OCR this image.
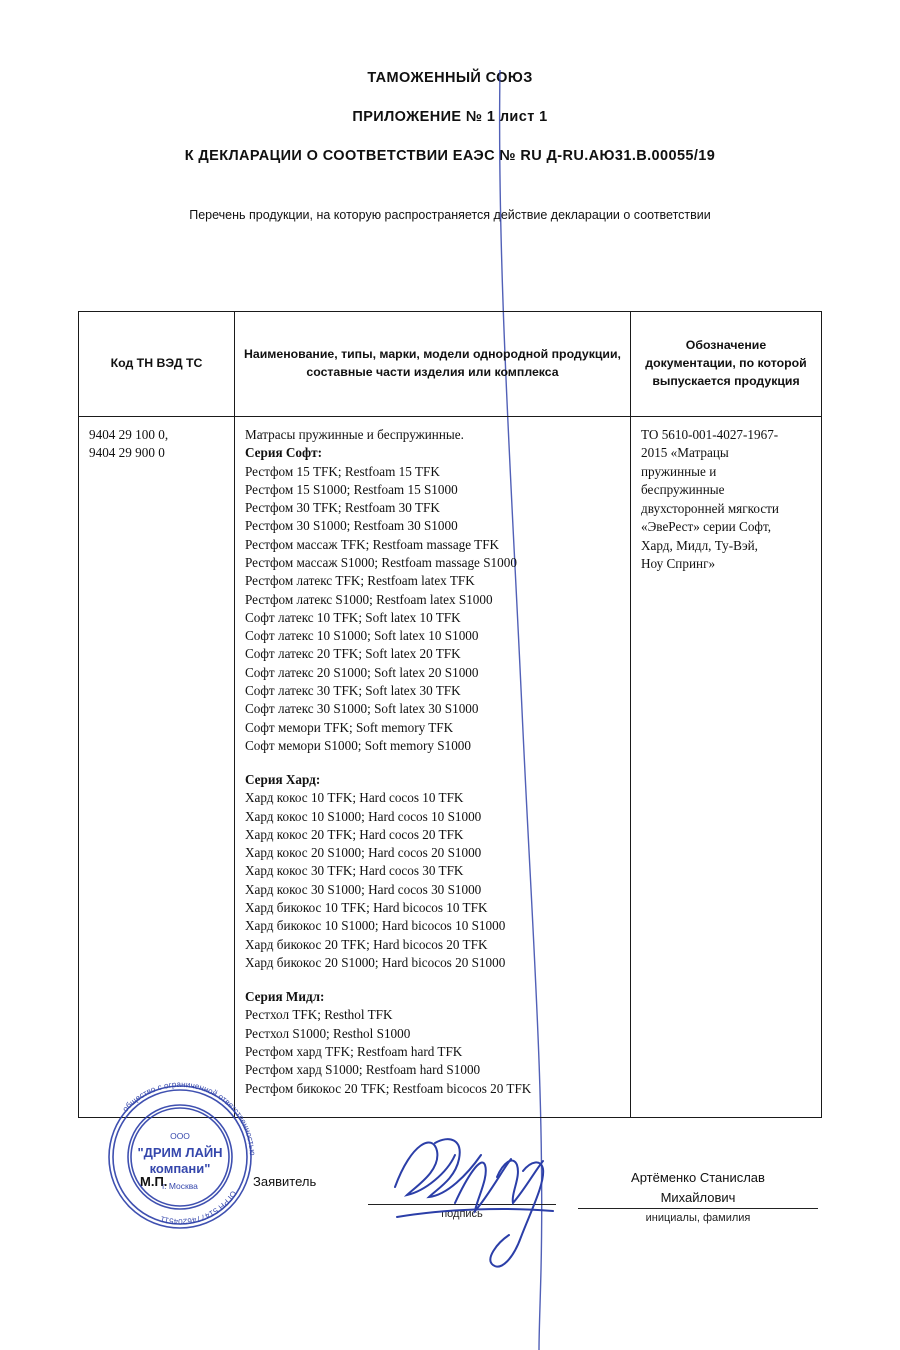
ТАМОЖЕННЫЙ СОЮЗ
ПРИЛОЖЕНИЕ № 1 лист 1
К ДЕКЛАРАЦИИ О СООТВЕТСТВИИ ЕАЭС № RU Д-RU.АЮ31.В.00055/19
Перечень продукции, на которую распространяется действие декларации о соответствии
Код ТН ВЭД ТС
Наименование, типы, марки, модели однородной продукции, составные части изделия или комплекса
Обозначение документации, по которой выпускается продукция
9404 29 100 0,
9404 29 900 0
Матрасы пружинные и беспружинные.
Серия Софт:
Рестфом 15 TFK; Restfoam 15 TFK
Рестфом 15 S1000; Restfoam 15 S1000
Рестфом 30 TFK; Restfoam 30 TFK
Рестфом 30 S1000; Restfoam 30 S1000
Рестфом массаж TFK; Restfoam massage TFK
Рестфом массаж S1000; Restfoam massage S1000
Рестфом латекс TFK; Restfoam latex TFK
Рестфом латекс S1000; Restfoam latex S1000
Софт латекс 10 TFK; Soft latex 10 TFK
Софт латекс 10 S1000; Soft latex 10 S1000
Софт латекс 20 TFK; Soft latex 20 TFK
Софт латекс 20 S1000; Soft latex 20 S1000
Софт латекс 30 TFK; Soft latex 30 TFK
Софт латекс 30 S1000; Soft latex 30 S1000
Софт мемори TFK; Soft memory TFK
Софт мемори S1000; Soft memory S1000
Серия Хард:
Хард кокос 10 TFK; Hard cocos 10 TFK
Хард кокос 10 S1000; Hard cocos 10 S1000
Хард кокос 20 TFK; Hard cocos 20 TFK
Хард кокос 20 S1000; Hard cocos 20 S1000
Хард кокос 30 TFK; Hard cocos 30 TFK
Хард кокос 30 S1000; Hard cocos 30 S1000
Хард бикокос 10 TFK; Hard bicocos 10 TFK
Хард бикокос 10 S1000; Hard bicocos 10 S1000
Хард бикокос 20 TFK; Hard bicocos 20 TFK
Хард бикокос 20 S1000; Hard bicocos 20 S1000
Серия Мидл:
Рестхол TFK; Resthol TFK
Рестхол S1000; Resthol S1000
Рестфом хард TFK; Restfoam hard TFK
Рестфом хард S1000; Restfoam hard S1000
Рестфом бикокос 20 TFK; Restfoam bicocos 20 TFK
ТО 5610-001-4027-1967-
2015 «Матрацы
пружинные и
беспружинные
двухсторонней мягкости
«ЭвеРест» серии Софт,
Хард, Мидл, Ту-Вэй,
Ноу Спринг»
М.П.	Заявитель
подпись
Артёменко Станислав
Михайлович
инициалы, фамилия
общество с ограниченной ответственностью
ОГРН 5147746204511
ООО
"ДРИМ ЛАЙН
компани"
г. Москва
